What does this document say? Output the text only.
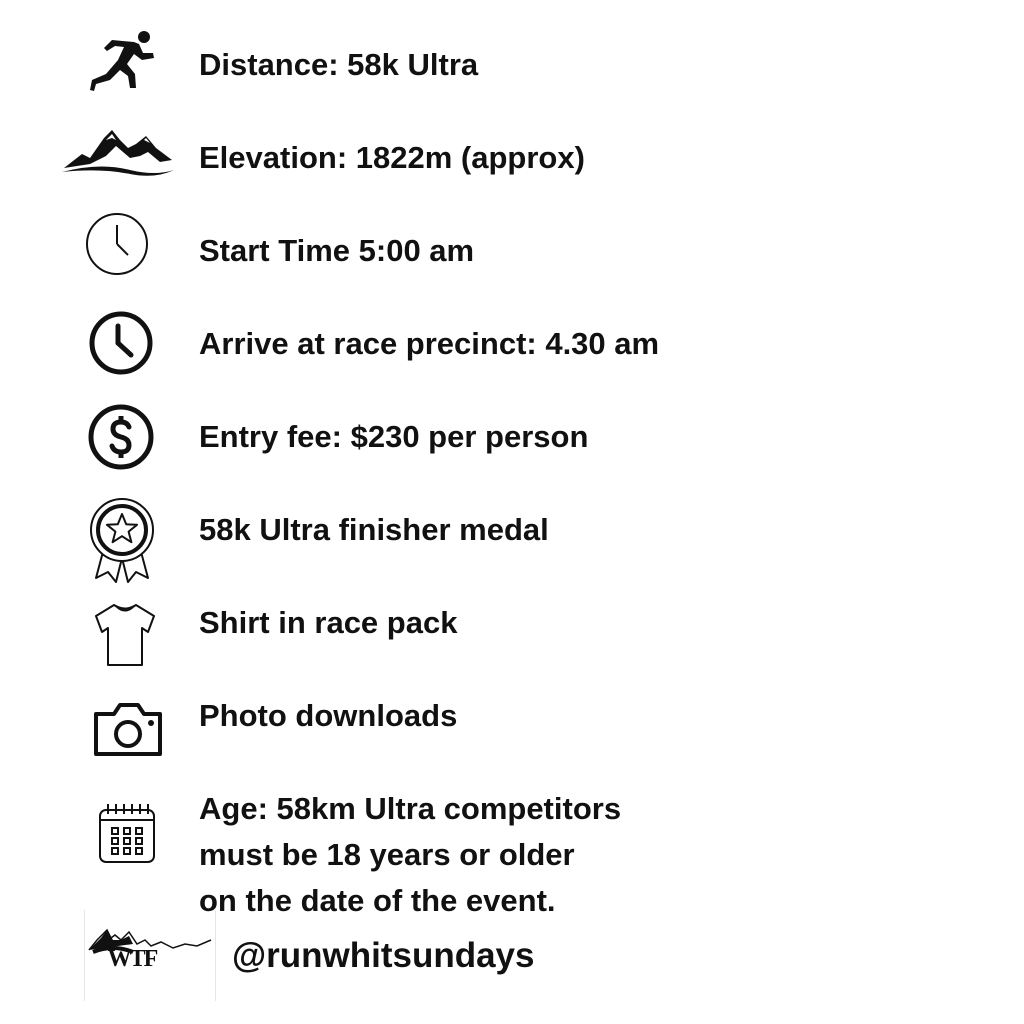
Distance: 58k Ultra
Elevation: 1822m (approx)
Start Time 5:00 am
Arrive at race precinct: 4.30 am
Entry fee: $230 per person
58k Ultra finisher medal
Shirt in race pack
Photo downloads
Age: 58km Ultra competitors
must be 18 years or older
on the date of the event.
WTF @runwhitsundays
